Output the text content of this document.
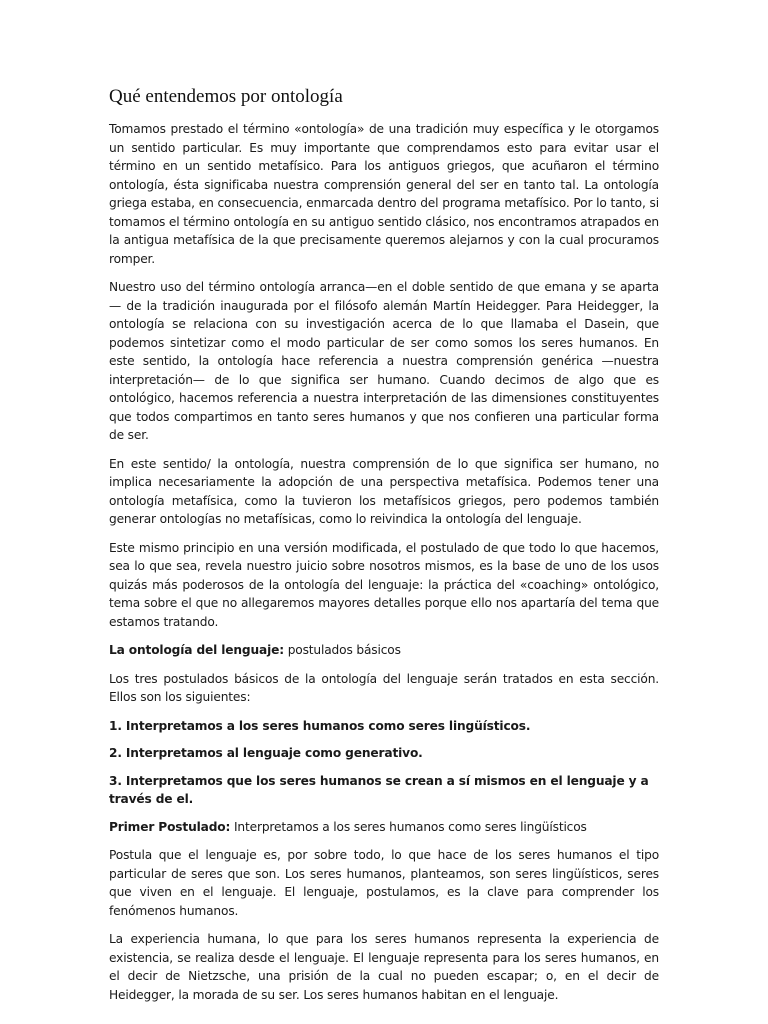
Qué entendemos por ontología

Tomamos prestado el término «ontología» de una tradición muy específica y le otorgamos un sentido particular. Es muy importante que comprendamos esto para evitar usar el término en un sentido metafísico. Para los antiguos griegos, que acuñaron el término ontología, ésta significaba nuestra comprensión general del ser en tanto tal. La ontología griega estaba, en consecuencia, enmarcada dentro del programa metafísico. Por lo tanto, si tomamos el término ontología en su antiguo sentido clásico, nos encontramos atrapados en la antigua metafísica de la que precisamente queremos alejarnos y con la cual procuramos romper.

Nuestro uso del término ontología arranca—en el doble sentido de que emana y se aparta— de la tradición inaugurada por el filósofo alemán Martín Heidegger. Para Heidegger, la ontología se relaciona con su investigación acerca de lo que llamaba el Dasein, que podemos sintetizar como el modo particular de ser como somos los seres humanos. En este sentido, la ontología hace referencia a nuestra comprensión genérica —nuestra interpretación— de lo que significa ser humano. Cuando decimos de algo que es ontológico, hacemos referencia a nuestra interpretación de las dimensiones constituyentes que todos compartimos en tanto seres humanos y que nos confieren una particular forma de ser.

En este sentido/ la ontología, nuestra comprensión de lo que significa ser humano, no implica necesariamente la adopción de una perspectiva metafísica. Podemos tener una ontología metafísica, como la tuvieron los metafísicos griegos, pero podemos también generar ontologías no metafísicas, como lo reivindica la ontología del lenguaje.

Este mismo principio en una versión modificada, el postulado de que todo lo que hacemos, sea lo que sea, revela nuestro juicio sobre nosotros mismos, es la base de uno de los usos quizás más poderosos de la ontología del lenguaje: la práctica del «coaching» ontológico, tema sobre el que no allegaremos mayores detalles porque ello nos apartaría del tema que estamos tratando.

La ontología del lenguaje: postulados básicos

Los tres postulados básicos de la ontología del lenguaje serán tratados en esta sección. Ellos son los siguientes:

1. Interpretamos a los seres humanos como seres lingüísticos.

2. Interpretamos al lenguaje como generativo.

3. Interpretamos que los seres humanos se crean a sí mismos en el lenguaje y a través de el.

Primer Postulado: Interpretamos a los seres humanos como seres lingüísticos

Postula que el lenguaje es, por sobre todo, lo que hace de los seres humanos el tipo particular de seres que son. Los seres humanos, planteamos, son seres lingüísticos, seres que viven en el lenguaje. El lenguaje, postulamos, es la clave para comprender los fenómenos humanos.

La experiencia humana, lo que para los seres humanos representa la experiencia de existencia, se realiza desde el lenguaje. El lenguaje representa para los seres humanos, en el decir de Nietzsche, una prisión de la cual no pueden escapar; o, en el decir de Heidegger, la morada de su ser. Los seres humanos habitan en el lenguaje.
